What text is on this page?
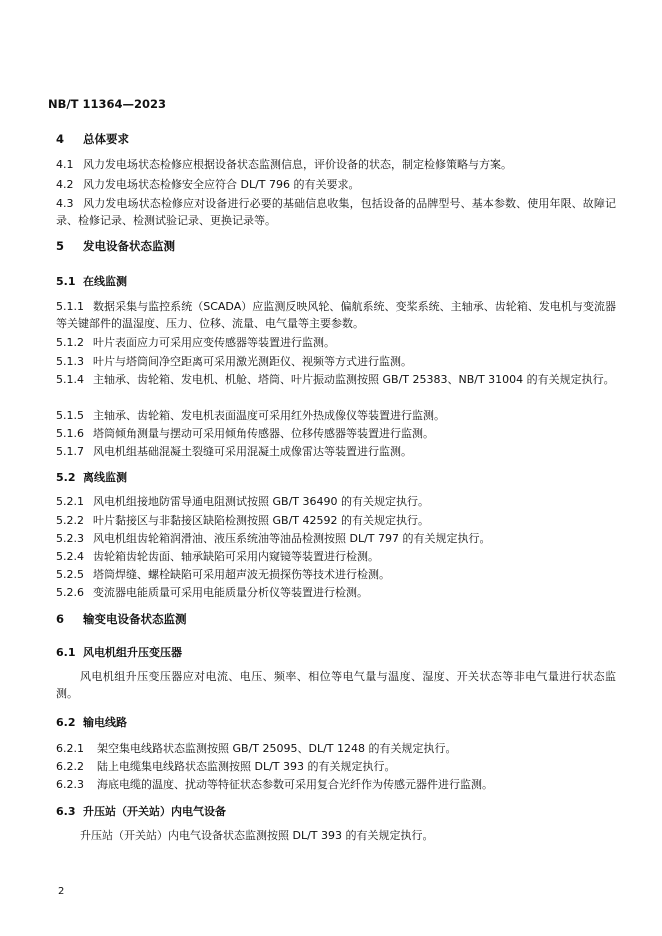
NB/T 11364—2023
4 总体要求

4.1 风力发电场状态检修应根据设备状态监测信息，评价设备的状态，制定检修策略与方案。

4.2 风力发电场状态检修安全应符合 DL/T 796 的有关要求。

4.3 风力发电场状态检修应对设备进行必要的基础信息收集，包括设备的品牌型号、基本参数、使用年限、故障记录、检修记录、检测试验记录、更换记录等。

5 发电设备状态监测
5.1 在线监测

5.1.1 数据采集与监控系统（SCADA）应监测反映风轮、偏航系统、变桨系统、主轴承、齿轮箱、发电机与变流器等关键部件的温湿度、压力、位移、流量、电气量等主要参数。

5.1.2 叶片表面应力可采用应变传感器等装置进行监测。

5.1.3 叶片与塔筒间净空距离可采用激光测距仪、视频等方式进行监测。

5.1.4 主轴承、齿轮箱、发电机、机舱、塔筒、叶片振动监测按照 GB/T 25383、NB/T 31004 的有关规定执行。

5.1.5 主轴承、齿轮箱、发电机表面温度可采用红外热成像仪等装置进行监测。

5.1.6 塔筒倾角测量与摆动可采用倾角传感器、位移传感器等装置进行监测。

5.1.7 风电机组基础混凝土裂缝可采用混凝土成像雷达等装置进行监测。

5.2 离线监测

5.2.1 风电机组接地防雷导通电阻测试按照 GB/T 36490 的有关规定执行。

5.2.2 叶片黏接区与非黏接区缺陷检测按照 GB/T 42592 的有关规定执行。

5.2.3 风电机组齿轮箱润滑油、液压系统油等油品检测按照 DL/T 797 的有关规定执行。

5.2.4 齿轮箱齿轮齿面、轴承缺陷可采用内窥镜等装置进行检测。

5.2.5 塔筒焊缝、螺栓缺陷可采用超声波无损探伤等技术进行检测。

5.2.6 变流器电能质量可采用电能质量分析仪等装置进行检测。

6 输变电设备状态监测
6.1 风电机组升压变压器

风电机组升压变压器应对电流、电压、频率、相位等电气量与温度、湿度、开关状态等非电气量进行状态监测。

6.2 输电线路

6.2.1 架空集电线路状态监测按照 GB/T 25095、DL/T 1248 的有关规定执行。

6.2.2 陆上电缆集电线路状态监测按照 DL/T 393 的有关规定执行。

6.2.3 海底电缆的温度、扰动等特征状态参数可采用复合光纤作为传感元器件进行监测。

6.3 升压站（开关站）内电气设备

升压站（开关站）内电气设备状态监测按照 DL/T 393 的有关规定执行。

2
